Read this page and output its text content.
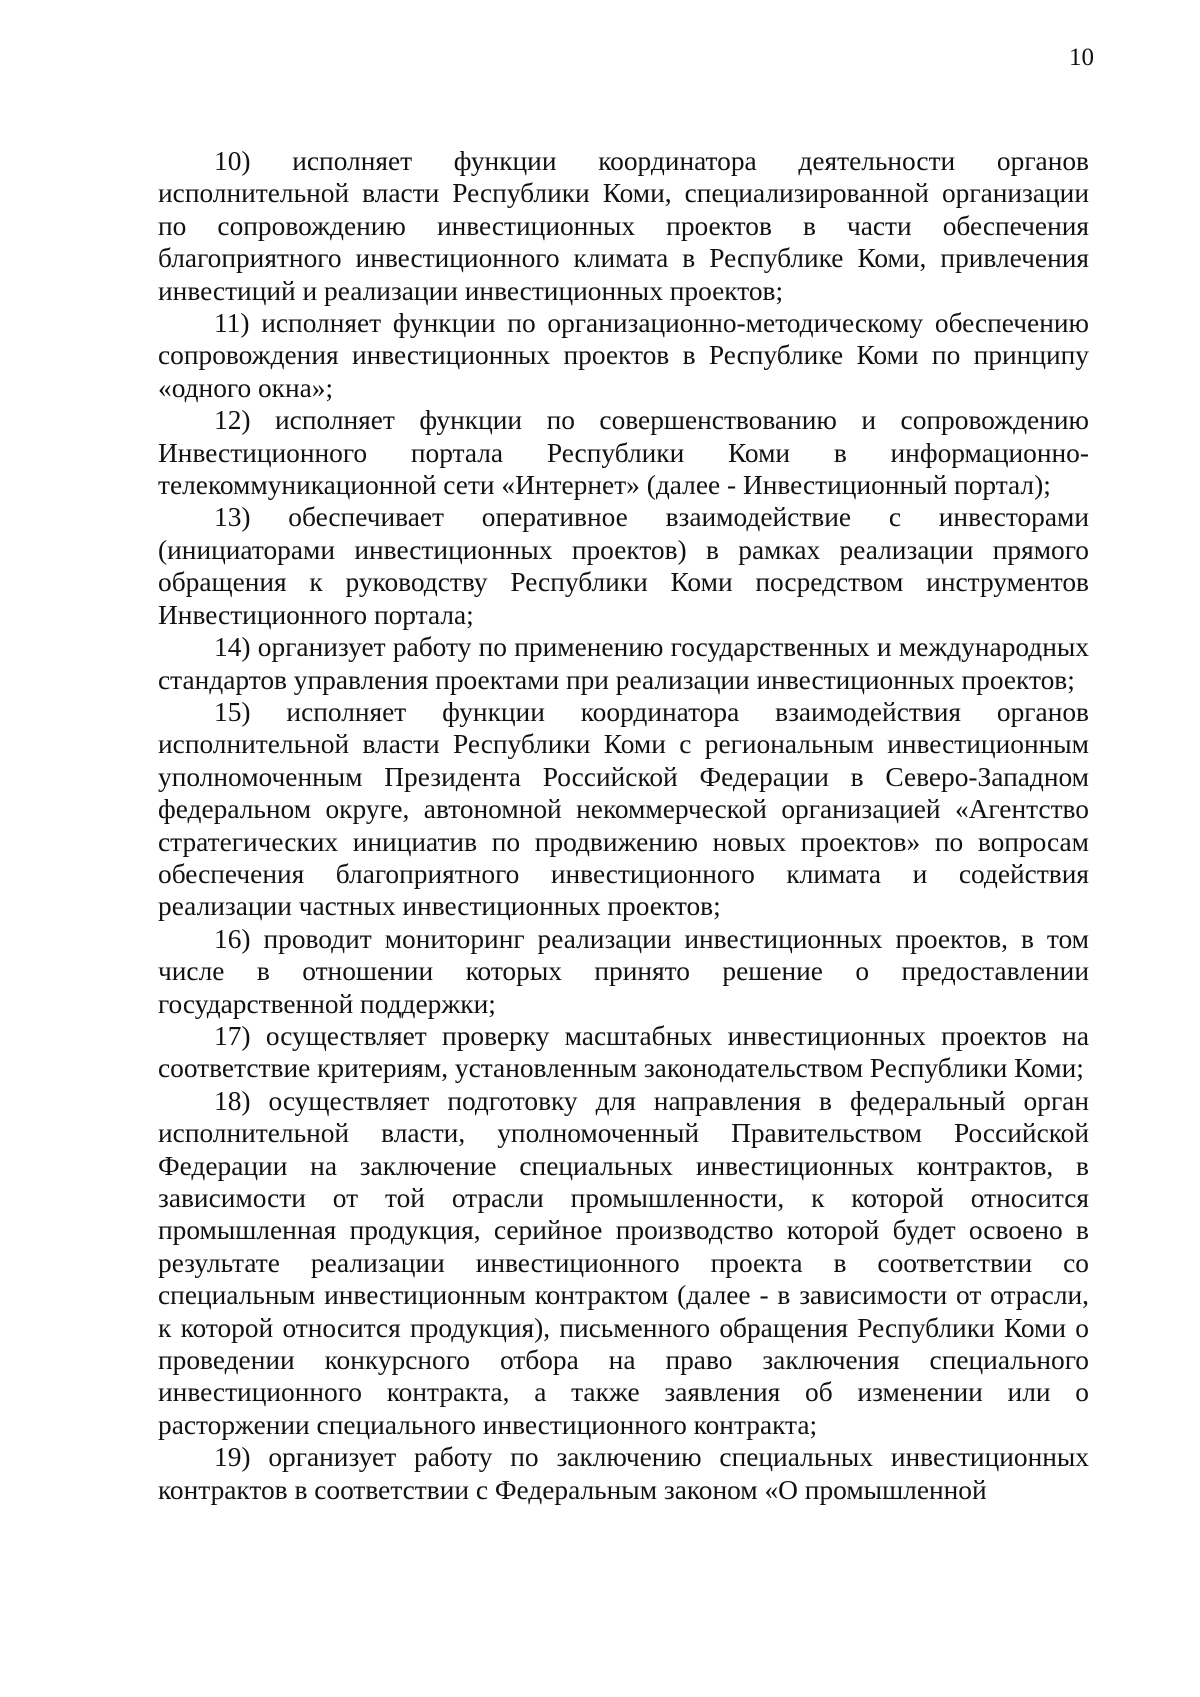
10

10) исполняет функции координатора деятельности органов исполнительной власти Республики Коми, специализированной организации по сопровождению инвестиционных проектов в части обеспечения благоприятного инвестиционного климата в Республике Коми, привлечения инвестиций и реализации инвестиционных проектов;

11) исполняет функции по организационно-методическому обеспечению сопровождения инвестиционных проектов в Республике Коми по принципу «одного окна»;

12) исполняет функции по совершенствованию и сопровождению Инвестиционного портала Республики Коми в информационно-телекоммуникационной сети «Интернет» (далее - Инвестиционный портал);

13) обеспечивает оперативное взаимодействие с инвесторами (инициаторами инвестиционных проектов) в рамках реализации прямого обращения к руководству Республики Коми посредством инструментов Инвестиционного портала;

14) организует работу по применению государственных и международных стандартов управления проектами при реализации инвестиционных проектов;

15) исполняет функции координатора взаимодействия органов исполнительной власти Республики Коми с региональным инвестиционным уполномоченным Президента Российской Федерации в Северо-Западном федеральном округе, автономной некоммерческой организацией «Агентство стратегических инициатив по продвижению новых проектов» по вопросам обеспечения благоприятного инвестиционного климата и содействия реализации частных инвестиционных проектов;

16) проводит мониторинг реализации инвестиционных проектов, в том числе в отношении которых принято решение о предоставлении государственной поддержки;

17) осуществляет проверку масштабных инвестиционных проектов на соответствие критериям, установленным законодательством Республики Коми;

18) осуществляет подготовку для направления в федеральный орган исполнительной власти, уполномоченный Правительством Российской Федерации на заключение специальных инвестиционных контрактов, в зависимости от той отрасли промышленности, к которой относится промышленная продукция, серийное производство которой будет освоено в результате реализации инвестиционного проекта в соответствии со специальным инвестиционным контрактом (далее - в зависимости от отрасли, к которой относится продукция), письменного обращения Республики Коми о проведении конкурсного отбора на право заключения специального инвестиционного контракта, а также заявления об изменении или о расторжении специального инвестиционного контракта;

19) организует работу по заключению специальных инвестиционных контрактов в соответствии с Федеральным законом «О промышленной
